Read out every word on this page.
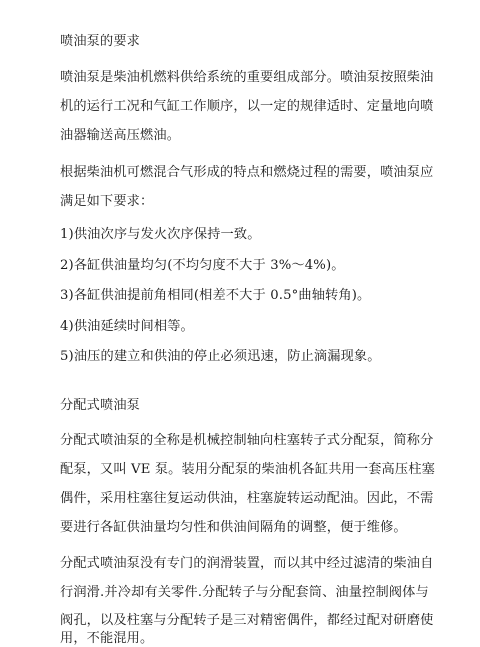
喷油泵的要求
喷油泵是柴油机燃料供给系统的重要组成部分。喷油泵按照柴油
机的运行工况和气缸工作顺序，以一定的规律适时、定量地向喷
油器输送高压燃油。
根据柴油机可燃混合气形成的特点和燃烧过程的需要，喷油泵应
满足如下要求：
1)供油次序与发火次序保持一致。
2)各缸供油量均匀(不均匀度不大于 3%～4%)。
3)各缸供油提前角相同(相差不大于 0.5°曲轴转角)。
4)供油延续时间相等。
5)油压的建立和供油的停止必须迅速，防止滴漏现象。
分配式喷油泵
分配式喷油泵的全称是机械控制轴向柱塞转子式分配泵，简称分
配泵，又叫 VE 泵。装用分配泵的柴油机各缸共用一套高压柱塞
偶件，采用柱塞往复运动供油，柱塞旋转运动配油。因此，不需
要进行各缸供油量均匀性和供油间隔角的调整，便于维修。
分配式喷油泵没有专门的润滑装置，而以其中经过滤清的柴油自
行润滑.并冷却有关零件.分配转子与分配套筒、油量控制阀体与
阀孔，以及柱塞与分配转子是三对精密偶件，都经过配对研磨使
用，不能混用。
